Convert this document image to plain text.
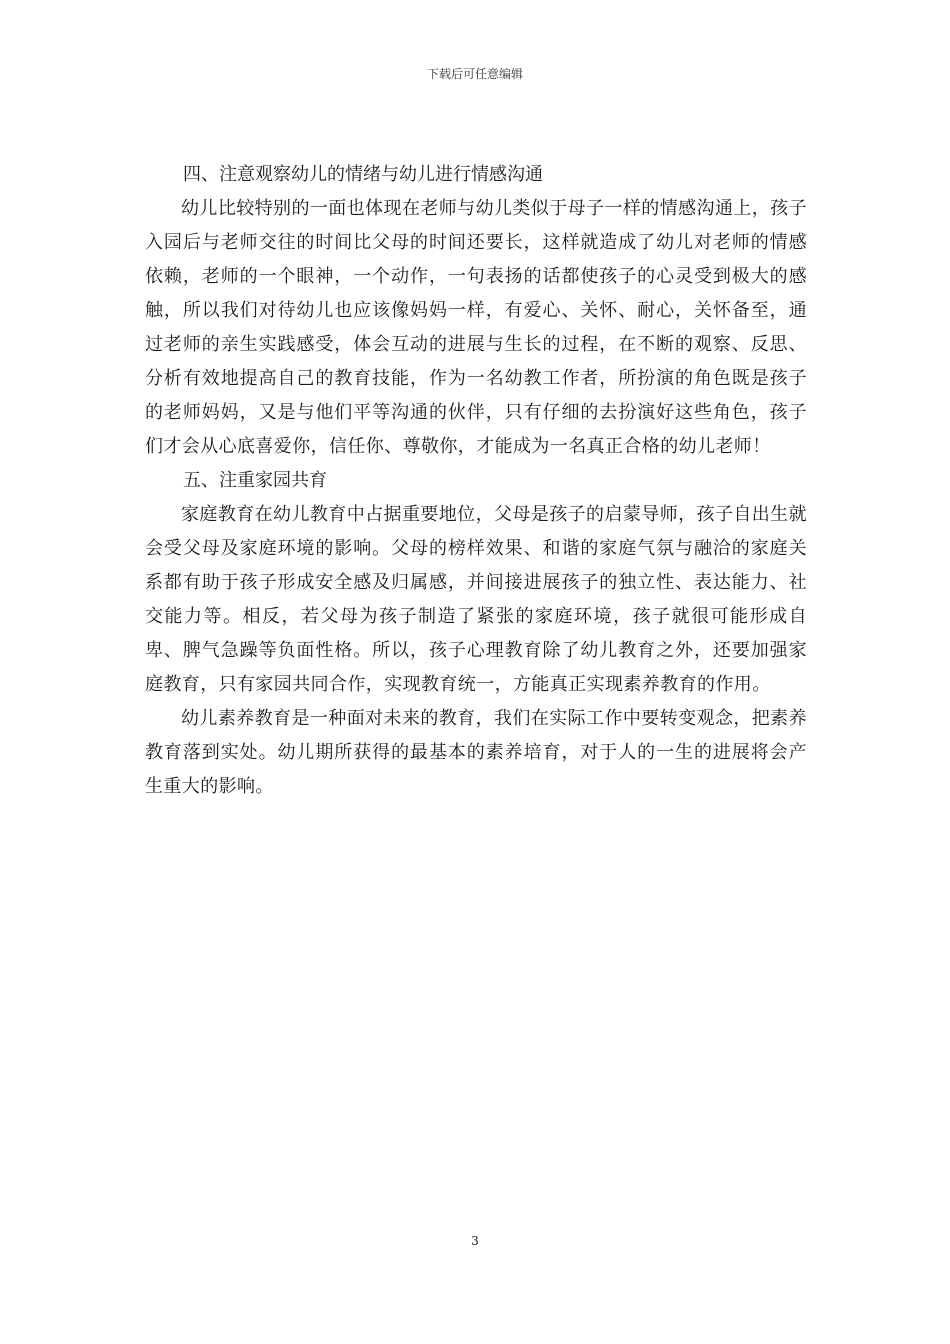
下载后可任意编辑

四、注意观察幼儿的情绪与幼儿进行情感沟通

幼儿比较特别的一面也体现在老师与幼儿类似于母子一样的情感沟通上，孩子入园后与老师交往的时间比父母的时间还要长，这样就造成了幼儿对老师的情感依赖，老师的一个眼神，一个动作，一句表扬的话都使孩子的心灵受到极大的感触，所以我们对待幼儿也应该像妈妈一样，有爱心、关怀、耐心，关怀备至，通过老师的亲生实践感受，体会互动的进展与生长的过程，在不断的观察、反思、分析有效地提高自己的教育技能，作为一名幼教工作者，所扮演的角色既是孩子的老师妈妈，又是与他们平等沟通的伙伴，只有仔细的去扮演好这些角色，孩子们才会从心底喜爱你，信任你、尊敬你，才能成为一名真正合格的幼儿老师！

五、注重家园共育

家庭教育在幼儿教育中占据重要地位，父母是孩子的启蒙导师，孩子自出生就会受父母及家庭环境的影响。父母的榜样效果、和谐的家庭气氛与融洽的家庭关系都有助于孩子形成安全感及归属感，并间接进展孩子的独立性、表达能力、社交能力等。相反，若父母为孩子制造了紧张的家庭环境，孩子就很可能形成自卑、脾气急躁等负面性格。所以，孩子心理教育除了幼儿教育之外，还要加强家庭教育，只有家园共同合作，实现教育统一，方能真正实现素养教育的作用。

幼儿素养教育是一种面对未来的教育，我们在实际工作中要转变观念，把素养教育落到实处。幼儿期所获得的最基本的素养培育，对于人的一生的进展将会产生重大的影响。

3
